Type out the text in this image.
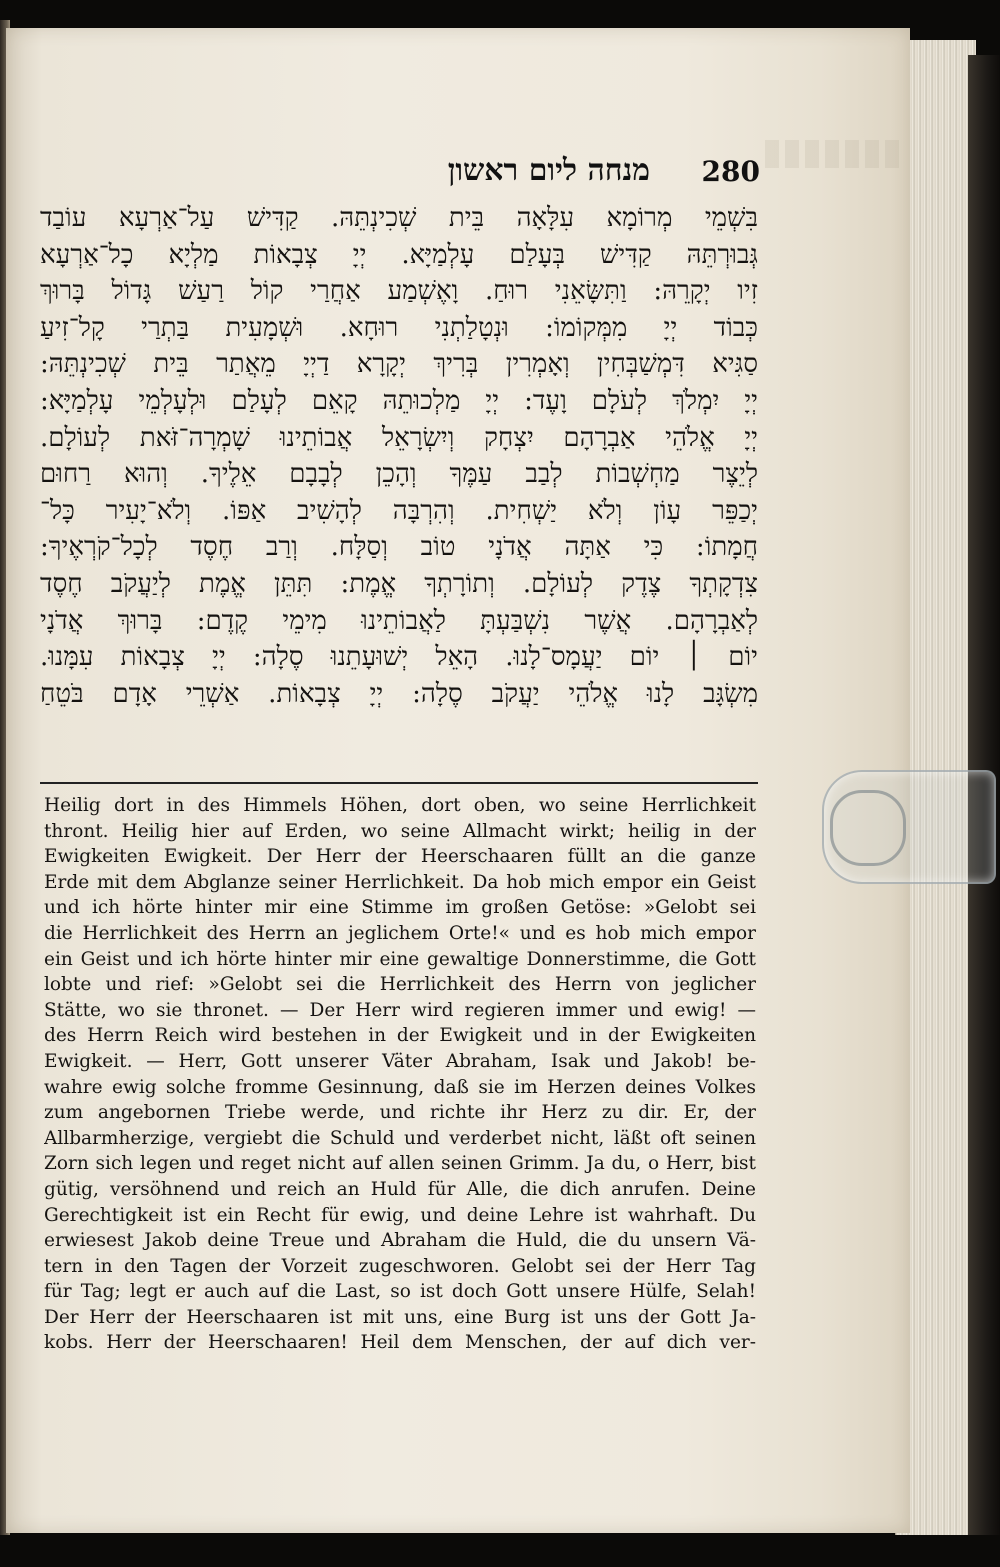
280
מנחה ליום ראשון
בִּשְׁמֵי מְרוֹמָא עִלָּאָה בֵּית שְׁכִינְתֵּהּ. קַדִּישׁ עַל־אַרְעָא עוֹבַד
גְּבוּרְתֵּהּ קַדִּישׁ בְּעָלַם עָלְמַיָּא. יְיָ צְבָאוֹת מַלְיָא כָל־אַרְעָא
זִיו יְקָרֵהּ: וַתִּשָּׂאֵנִי רוּחַ. וָאֶשְׁמַע אַחֲרַי קוֹל רַעַשׁ גָּדוֹל בָּרוּךְ
כְּבוֹד יְיָ מִמְּקוֹמוֹ: וּנְטָלַתְנִי רוּחָא. וּשְׁמָעִית בַּתְרַי קָל־זִיעַ
סַגִּיא דִּמְשַׁבְּחִין וְאָמְרִין בְּרִיךְ יְקָרָא דַיְיָ מֵאֲתַר בֵּית שְׁכִינְתֵּהּ:
יְיָ יִמְלֹךְ לְעֹלָם וָעֶד: יְיָ מַלְכוּתֵהּ קָאֵם לְעָלַם וּלְעָלְמֵי עָלְמַיָּא:
יְיָ אֱלֹהֵי אַבְרָהָם יִצְחָק וְיִשְׂרָאֵל אֲבוֹתֵינוּ שָׁמְרָה־זֹּאת לְעוֹלָם.
לְיֵצֶר מַחְשְׁבוֹת לְבַב עַמֶּךָ וְהָכֵן לְבָבָם אֵלֶיךָ. וְהוּא רַחוּם
יְכַפֵּר עָוֹן וְלֹא יַשְׁחִית. וְהִרְבָּה לְהָשִׁיב אַפּוֹ. וְלֹא־יָעִיר כָּל־
חֲמָתוֹ: כִּי אַתָּה אֲדֹנָי טוֹב וְסַלָּח. וְרַב חֶסֶד לְכָל־קֹרְאֶיךָ:
צִדְקָתְךָ צֶדֶק לְעוֹלָם. וְתוֹרָתְךָ אֱמֶת: תִּתֵּן אֱמֶת לְיַעֲקֹב חֶסֶד
לְאַבְרָהָם. אֲשֶׁר נִשְׁבַּעְתָּ לַאֲבוֹתֵינוּ מִימֵי קֶדֶם: בָּרוּךְ אֲדֹנָי
יוֹם ׀ יוֹם יַעֲמָס־לָנוּ. הָאֵל יְשׁוּעָתֵנוּ סֶלָה: יְיָ צְבָאוֹת עִמָּנוּ.
מִשְׂגָּב לָנוּ אֱלֹהֵי יַעֲקֹב סֶלָה: יְיָ צְבָאוֹת. אַשְׁרֵי אָדָם בֹּטֵחַ
Heilig dort in des Himmels Höhen, dort oben, wo seine Herrlichkeit
thront. Heilig hier auf Erden, wo seine Allmacht wirkt; heilig in der
Ewigkeiten Ewigkeit. Der Herr der Heerschaaren füllt an die ganze
Erde mit dem Abglanze seiner Herrlichkeit. Da hob mich empor ein Geist
und ich hörte hinter mir eine Stimme im großen Getöse: »Gelobt sei
die Herrlichkeit des Herrn an jeglichem Orte!« und es hob mich empor
ein Geist und ich hörte hinter mir eine gewaltige Donnerstimme, die Gott
lobte und rief: »Gelobt sei die Herrlichkeit des Herrn von jeglicher
Stätte, wo sie thronet. — Der Herr wird regieren immer und ewig! —
des Herrn Reich wird bestehen in der Ewigkeit und in der Ewigkeiten
Ewigkeit. — Herr, Gott unserer Väter Abraham, Isak und Jakob! be-
wahre ewig solche fromme Gesinnung, daß sie im Herzen deines Volkes
zum angebornen Triebe werde, und richte ihr Herz zu dir. Er, der
Allbarmherzige, vergiebt die Schuld und verderbet nicht, läßt oft seinen
Zorn sich legen und reget nicht auf allen seinen Grimm. Ja du, o Herr, bist
gütig, versöhnend und reich an Huld für Alle, die dich anrufen. Deine
Gerechtigkeit ist ein Recht für ewig, und deine Lehre ist wahrhaft. Du
erwiesest Jakob deine Treue und Abraham die Huld, die du unsern Vä-
tern in den Tagen der Vorzeit zugeschworen. Gelobt sei der Herr Tag
für Tag; legt er auch auf die Last, so ist doch Gott unsere Hülfe, Selah!
Der Herr der Heerschaaren ist mit uns, eine Burg ist uns der Gott Ja-
kobs. Herr der Heerschaaren! Heil dem Menschen, der auf dich ver-
